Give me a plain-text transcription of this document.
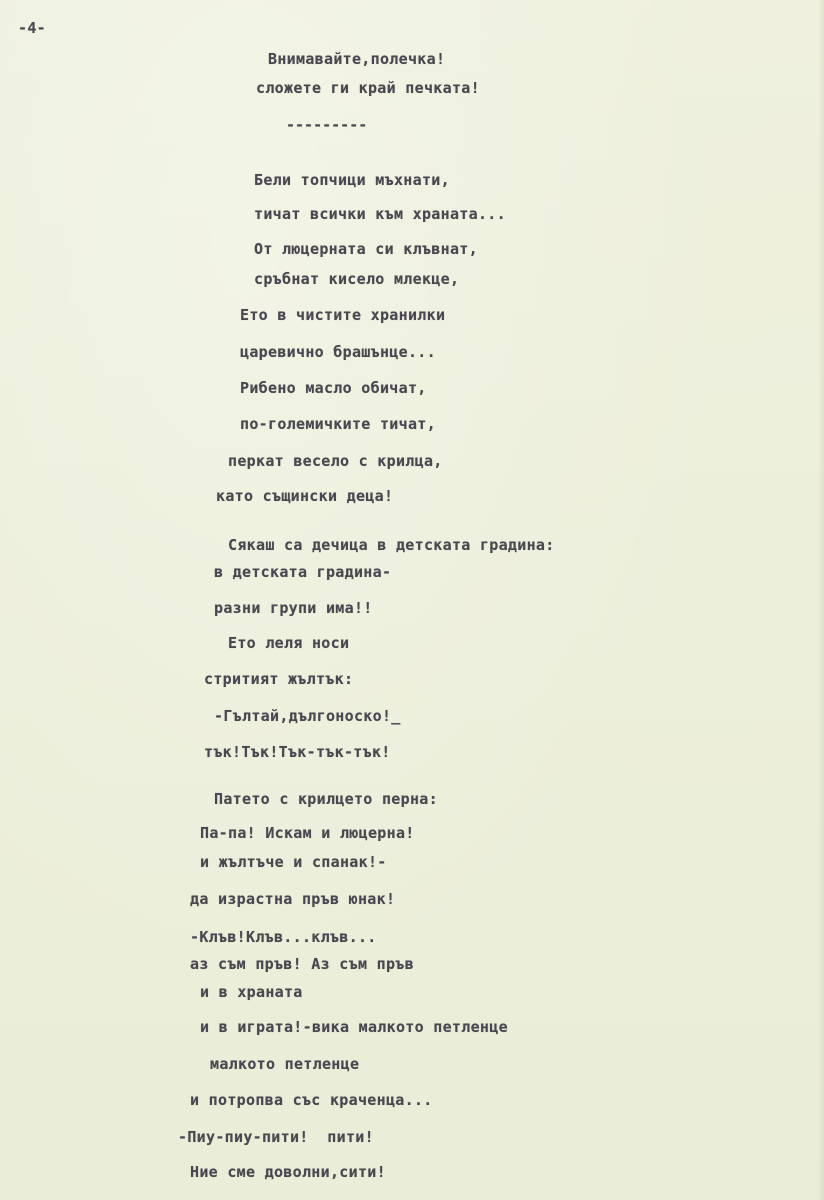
-4-
Внимавайте,полечка!
сложете ги край печката!
---------
Бели топчици мъхнати,
тичат всички към храната...
От люцерната си клъвнат,
сръбнат кисело млекце,
Ето в чистите хранилки
царевично брашънце...
Рибено масло обичат,
по-големичките тичат,
перкат весело с крилца,
като същински деца!
Сякаш са дечица в детската градина:
в детската градина-
разни групи има!!
Ето леля носи
стритият жълтък:
-Гълтай,дългоноско!_
тък!Тък!Тък-тък-тък!
Патето с крилцето перна:
Па-па! Искам и люцерна!
и жълтъче и спанак!-
да израстна пръв юнак!
-Клъв!Клъв...клъв...
аз съм пръв! Аз съм пръв
и в храната
и в играта!-вика малкото петленце
малкото петленце
и потропва със краченца...
-Пиу-пиу-пити!  пити!
Ние сме доволни,сити!
